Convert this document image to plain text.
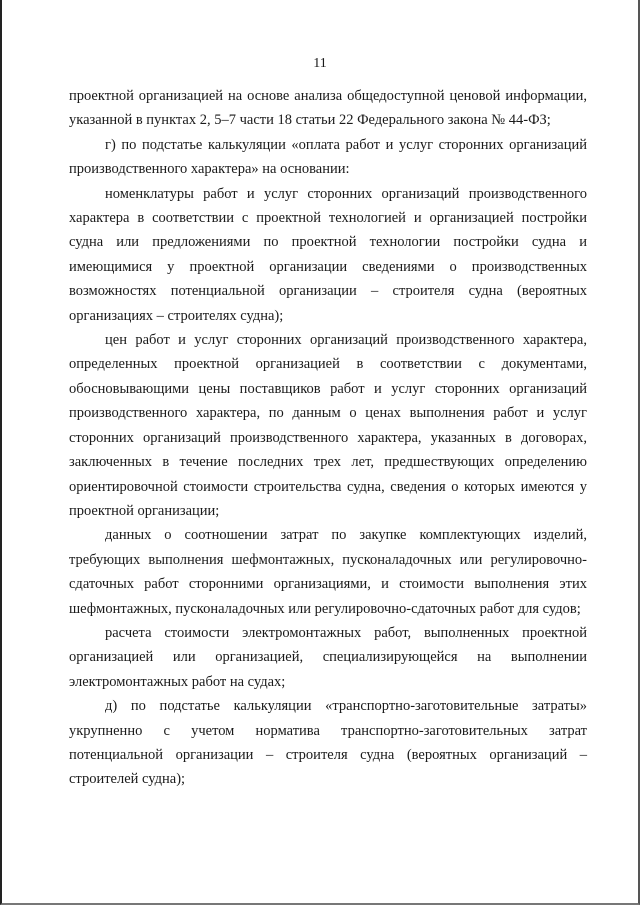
11

проектной организацией на основе анализа общедоступной ценовой информации, указанной в пунктах 2, 5–7 части 18 статьи 22 Федерального закона № 44-ФЗ;

г) по подстатье калькуляции «оплата работ и услуг сторонних организаций производственного характера» на основании:

номенклатуры работ и услуг сторонних организаций производственного характера в соответствии с проектной технологией и организацией постройки судна или предложениями по проектной технологии постройки судна и имеющимися у проектной организации сведениями о производственных возможностях потенциальной организации – строителя судна (вероятных организациях – строителях судна);

цен работ и услуг сторонних организаций производственного характера, определенных проектной организацией в соответствии с документами, обосновывающими цены поставщиков работ и услуг сторонних организаций производственного характера, по данным о ценах выполнения работ и услуг сторонних организаций производственного характера, указанных в договорах, заключенных в течение последних трех лет, предшествующих определению ориентировочной стоимости строительства судна, сведения о которых имеются у проектной организации;

данных о соотношении затрат по закупке комплектующих изделий, требующих выполнения шефмонтажных, пусконаладочных или регулировочно-сдаточных работ сторонними организациями, и стоимости выполнения этих шефмонтажных, пусконаладочных или регулировочно-сдаточных работ для судов;

расчета стоимости электромонтажных работ, выполненных проектной организацией или организацией, специализирующейся на выполнении электромонтажных работ на судах;

д) по подстатье калькуляции «транспортно-заготовительные затраты» укрупненно с учетом норматива транспортно-заготовительных затрат потенциальной организации – строителя судна (вероятных организаций – строителей судна);
